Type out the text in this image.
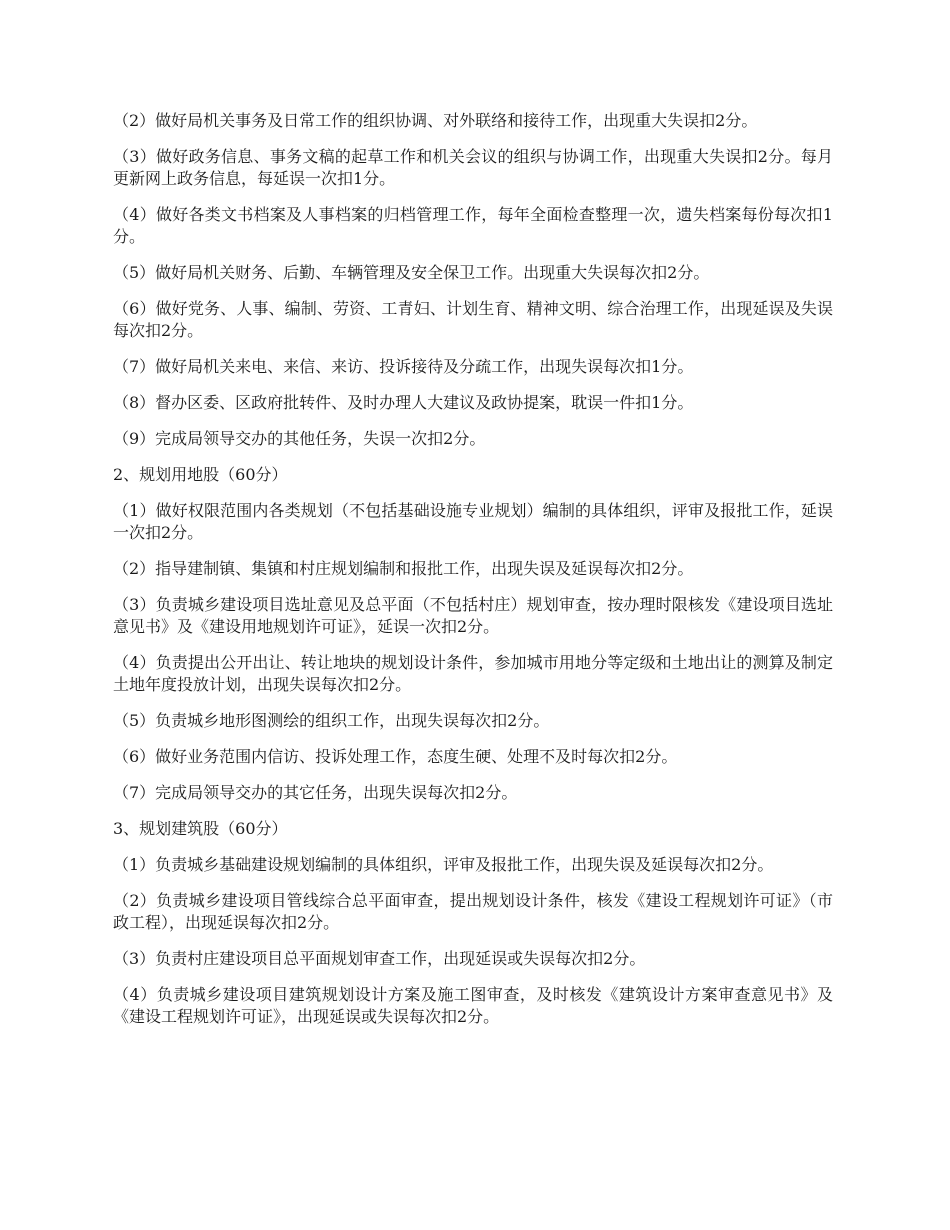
（2）做好局机关事务及日常工作的组织协调、对外联络和接待工作，出现重大失误扣2分。

（3）做好政务信息、事务文稿的起草工作和机关会议的组织与协调工作，出现重大失误扣2分。每月更新网上政务信息，每延误一次扣1分。

（4）做好各类文书档案及人事档案的归档管理工作，每年全面检查整理一次，遗失档案每份每次扣1分。

（5）做好局机关财务、后勤、车辆管理及安全保卫工作。出现重大失误每次扣2分。

（6）做好党务、人事、编制、劳资、工青妇、计划生育、精神文明、综合治理工作，出现延误及失误每次扣2分。

（7）做好局机关来电、来信、来访、投诉接待及分疏工作，出现失误每次扣1分。

（8）督办区委、区政府批转件、及时办理人大建议及政协提案，耽误一件扣1分。

（9）完成局领导交办的其他任务，失误一次扣2分。

2、规划用地股（60分）

（1）做好权限范围内各类规划（不包括基础设施专业规划）编制的具体组织，评审及报批工作，延误一次扣2分。

（2）指导建制镇、集镇和村庄规划编制和报批工作，出现失误及延误每次扣2分。

（3）负责城乡建设项目选址意见及总平面（不包括村庄）规划审查，按办理时限核发《建设项目选址意见书》及《建设用地规划许可证》，延误一次扣2分。

（4）负责提出公开出让、转让地块的规划设计条件，参加城市用地分等定级和土地出让的测算及制定土地年度投放计划，出现失误每次扣2分。

（5）负责城乡地形图测绘的组织工作，出现失误每次扣2分。

（6）做好业务范围内信访、投诉处理工作，态度生硬、处理不及时每次扣2分。

（7）完成局领导交办的其它任务，出现失误每次扣2分。

3、规划建筑股（60分）

（1）负责城乡基础建设规划编制的具体组织，评审及报批工作，出现失误及延误每次扣2分。

（2）负责城乡建设项目管线综合总平面审查，提出规划设计条件，核发《建设工程规划许可证》（市政工程），出现延误每次扣2分。

（3）负责村庄建设项目总平面规划审查工作，出现延误或失误每次扣2分。

（4）负责城乡建设项目建筑规划设计方案及施工图审查，及时核发《建筑设计方案审查意见书》及《建设工程规划许可证》，出现延误或失误每次扣2分。
